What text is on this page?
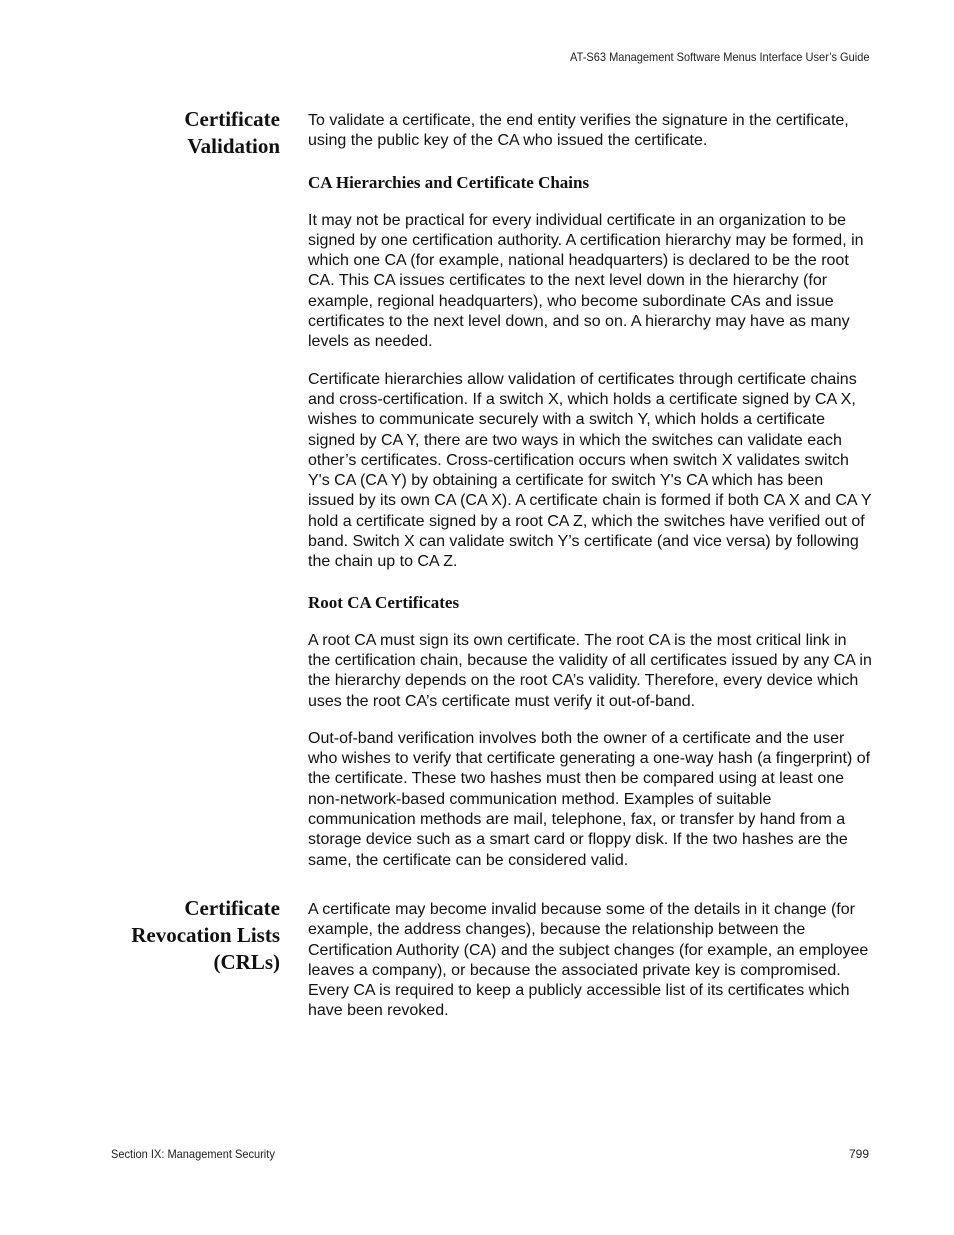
AT-S63 Management Software Menus Interface User’s Guide
Certificate
Validation

To validate a certificate, the end entity verifies the signature in the certificate, using the public key of the CA who issued the certificate.

CA Hierarchies and Certificate Chains

It may not be practical for every individual certificate in an organization to be signed by one certification authority. A certification hierarchy may be formed, in which one CA (for example, national headquarters) is declared to be the root CA. This CA issues certificates to the next level down in the hierarchy (for example, regional headquarters), who become subordinate CAs and issue certificates to the next level down, and so on. A hierarchy may have as many levels as needed.

Certificate hierarchies allow validation of certificates through certificate chains and cross-certification. If a switch X, which holds a certificate signed by CA X, wishes to communicate securely with a switch Y, which holds a certificate signed by CA Y, there are two ways in which the switches can validate each other’s certificates. Cross-certification occurs when switch X validates switch Y's CA (CA Y) by obtaining a certificate for switch Y's CA which has been issued by its own CA (CA X). A certificate chain is formed if both CA X and CA Y hold a certificate signed by a root CA Z, which the switches have verified out of band. Switch X can validate switch Y’s certificate (and vice versa) by following the chain up to CA Z.

Root CA Certificates

A root CA must sign its own certificate. The root CA is the most critical link in the certification chain, because the validity of all certificates issued by any CA in the hierarchy depends on the root CA’s validity. Therefore, every device which uses the root CA’s certificate must verify it out-of-band.

Out-of-band verification involves both the owner of a certificate and the user who wishes to verify that certificate generating a one-way hash (a fingerprint) of the certificate. These two hashes must then be compared using at least one non-network-based communication method. Examples of suitable communication methods are mail, telephone, fax, or transfer by hand from a storage device such as a smart card or floppy disk. If the two hashes are the same, the certificate can be considered valid.

Certificate
Revocation Lists
(CRLs)

A certificate may become invalid because some of the details in it change (for example, the address changes), because the relationship between the Certification Authority (CA) and the subject changes (for example, an employee leaves a company), or because the associated private key is compromised. Every CA is required to keep a publicly accessible list of its certificates which have been revoked.

Section IX: Management Security	799
